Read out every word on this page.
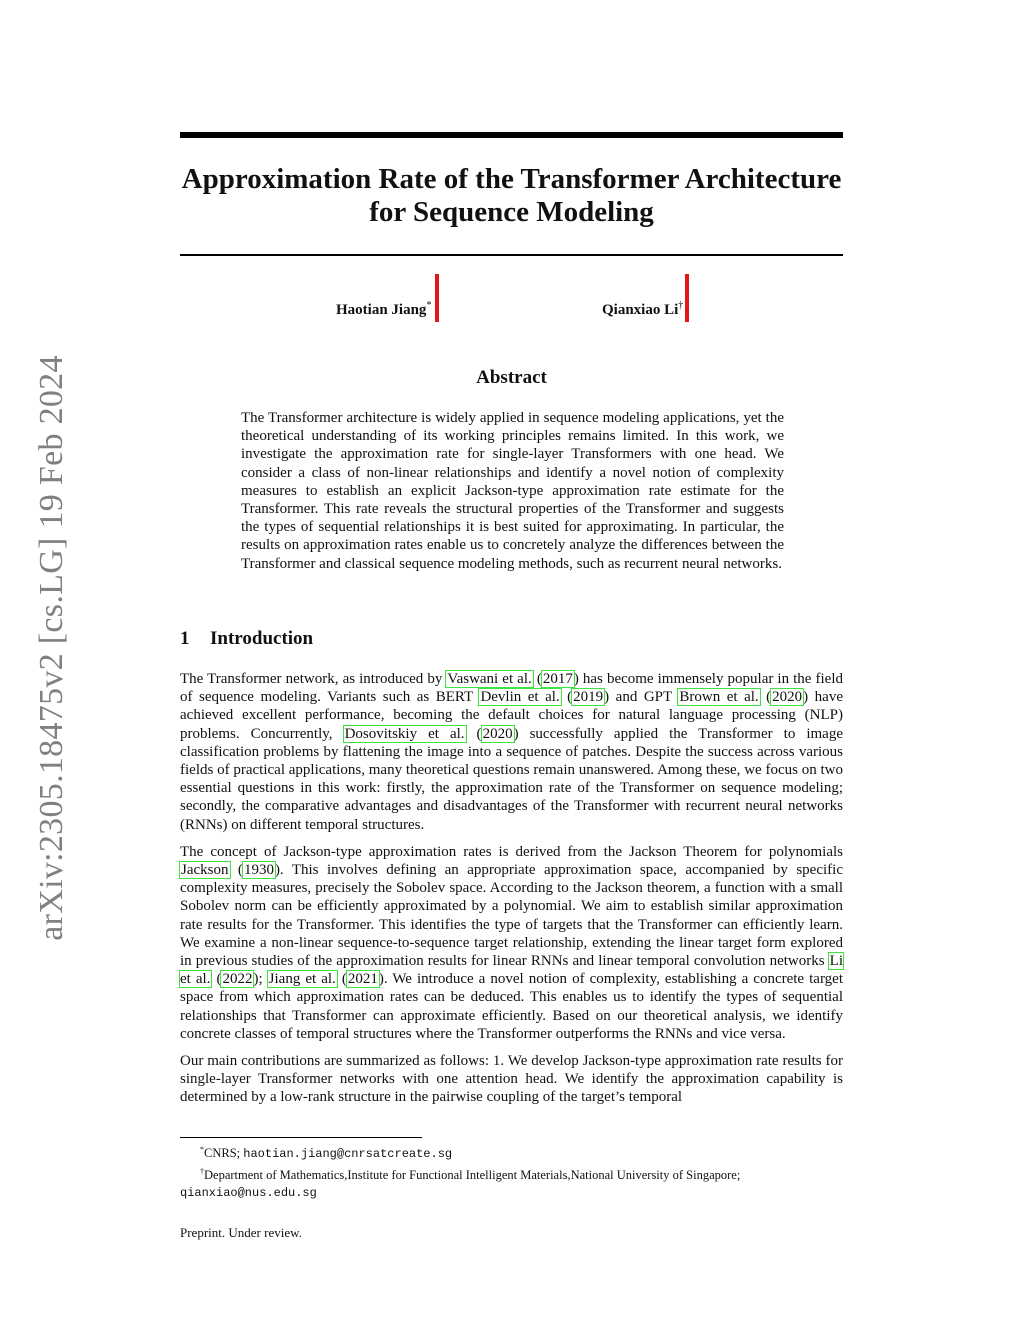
arXiv:2305.18475v2 [cs.LG] 19 Feb 2024
Approximation Rate of the Transformer Architecture
for Sequence Modeling
Haotian Jiang*	Qianxiao Li†
Abstract

The Transformer architecture is widely applied in sequence modeling applications, yet the theoretical understanding of its working principles remains limited. In this work, we investigate the approximation rate for single-layer Transformers with one head. We consider a class of non-linear relationships and identify a novel notion of complexity measures to establish an explicit Jackson-type approximation rate estimate for the Transformer. This rate reveals the structural properties of the Transformer and suggests the types of sequential relationships it is best suited for approximating. In particular, the results on approximation rates enable us to concretely analyze the differences between the Transformer and classical sequence modeling methods, such as recurrent neural networks.

1 Introduction

The Transformer network, as introduced by Vaswani et al. (2017) has become immensely popular in the field of sequence modeling. Variants such as BERT Devlin et al. (2019) and GPT Brown et al. (2020) have achieved excellent performance, becoming the default choices for natural language processing (NLP) problems. Concurrently, Dosovitskiy et al. (2020) successfully applied the Transformer to image classification problems by flattening the image into a sequence of patches. Despite the success across various fields of practical applications, many theoretical questions remain unanswered. Among these, we focus on two essential questions in this work: firstly, the approximation rate of the Transformer on sequence modeling; secondly, the comparative advantages and disadvantages of the Transformer with recurrent neural networks (RNNs) on different temporal structures.

The concept of Jackson-type approximation rates is derived from the Jackson Theorem for polynomials Jackson (1930). This involves defining an appropriate approximation space, accompanied by specific complexity measures, precisely the Sobolev space. According to the Jackson theorem, a function with a small Sobolev norm can be efficiently approximated by a polynomial. We aim to establish similar approximation rate results for the Transformer. This identifies the type of targets that the Transformer can efficiently learn. We examine a non-linear sequence-to-sequence target relationship, extending the linear target form explored in previous studies of the approximation results for linear RNNs and linear temporal convolution networks Li et al. (2022); Jiang et al. (2021). We introduce a novel notion of complexity, establishing a concrete target space from which approximation rates can be deduced. This enables us to identify the types of sequential relationships that Transformer can approximate efficiently. Based on our theoretical analysis, we identify concrete classes of temporal structures where the Transformer outperforms the RNNs and vice versa.

Our main contributions are summarized as follows: 1. We develop Jackson-type approximation rate results for single-layer Transformer networks with one attention head. We identify the approximation capability is determined by a low-rank structure in the pairwise coupling of the target’s temporal

*CNRS; haotian.jiang@cnrsatcreate.sg

†Department of Mathematics,Institute for Functional Intelligent Materials,National University of Singapore;

qianxiao@nus.edu.sg

Preprint. Under review.
